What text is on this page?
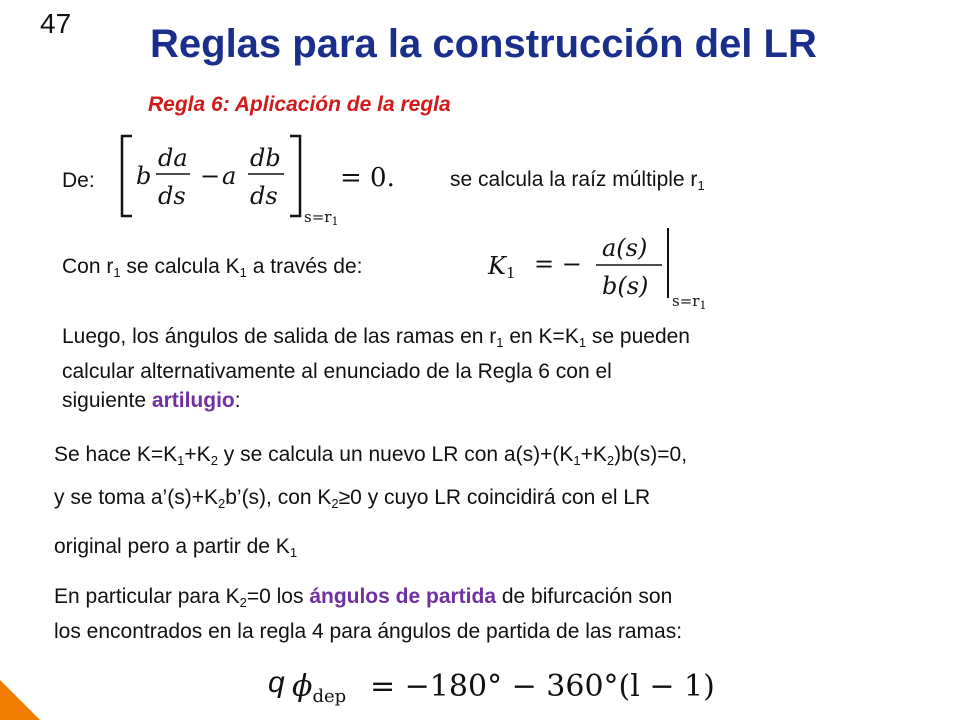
47 Reglas para la construcción del LR
Regla 6: Aplicación de la regla
De: b
da
ds
− a
db
ds
$s=r_1$
= 0.	se calcula la raíz múltiple $r_1$
Con $r_1$ se calcula $K_1$ a través de:	K1 = −
a(s)
b(s)
$s=r_1$
Luego, los ángulos de salida de las ramas en $r_1$ en $K=K_1$ se pueden
calcular alternativamente al enunciado de la Regla 6 con el
siguiente artilugio:
Se hace $K=K_1+K_2$ y se calcula un nuevo LR con $a(s)+(K_1+K_2)b(s)=0$,
y se toma $a’(s)+K_2b’(s)$, con $K_2\ge 0$ y cuyo LR coincidirá con el LR
original pero a partir de $K_1$
En particular para $K_2=0$ los ángulos de partida de bifurcación son
los encontrados en la regla 4 para ángulos de partida de las ramas:
q $\phi_{dep} = -180^\circ - 360^\circ(l - 1)$
